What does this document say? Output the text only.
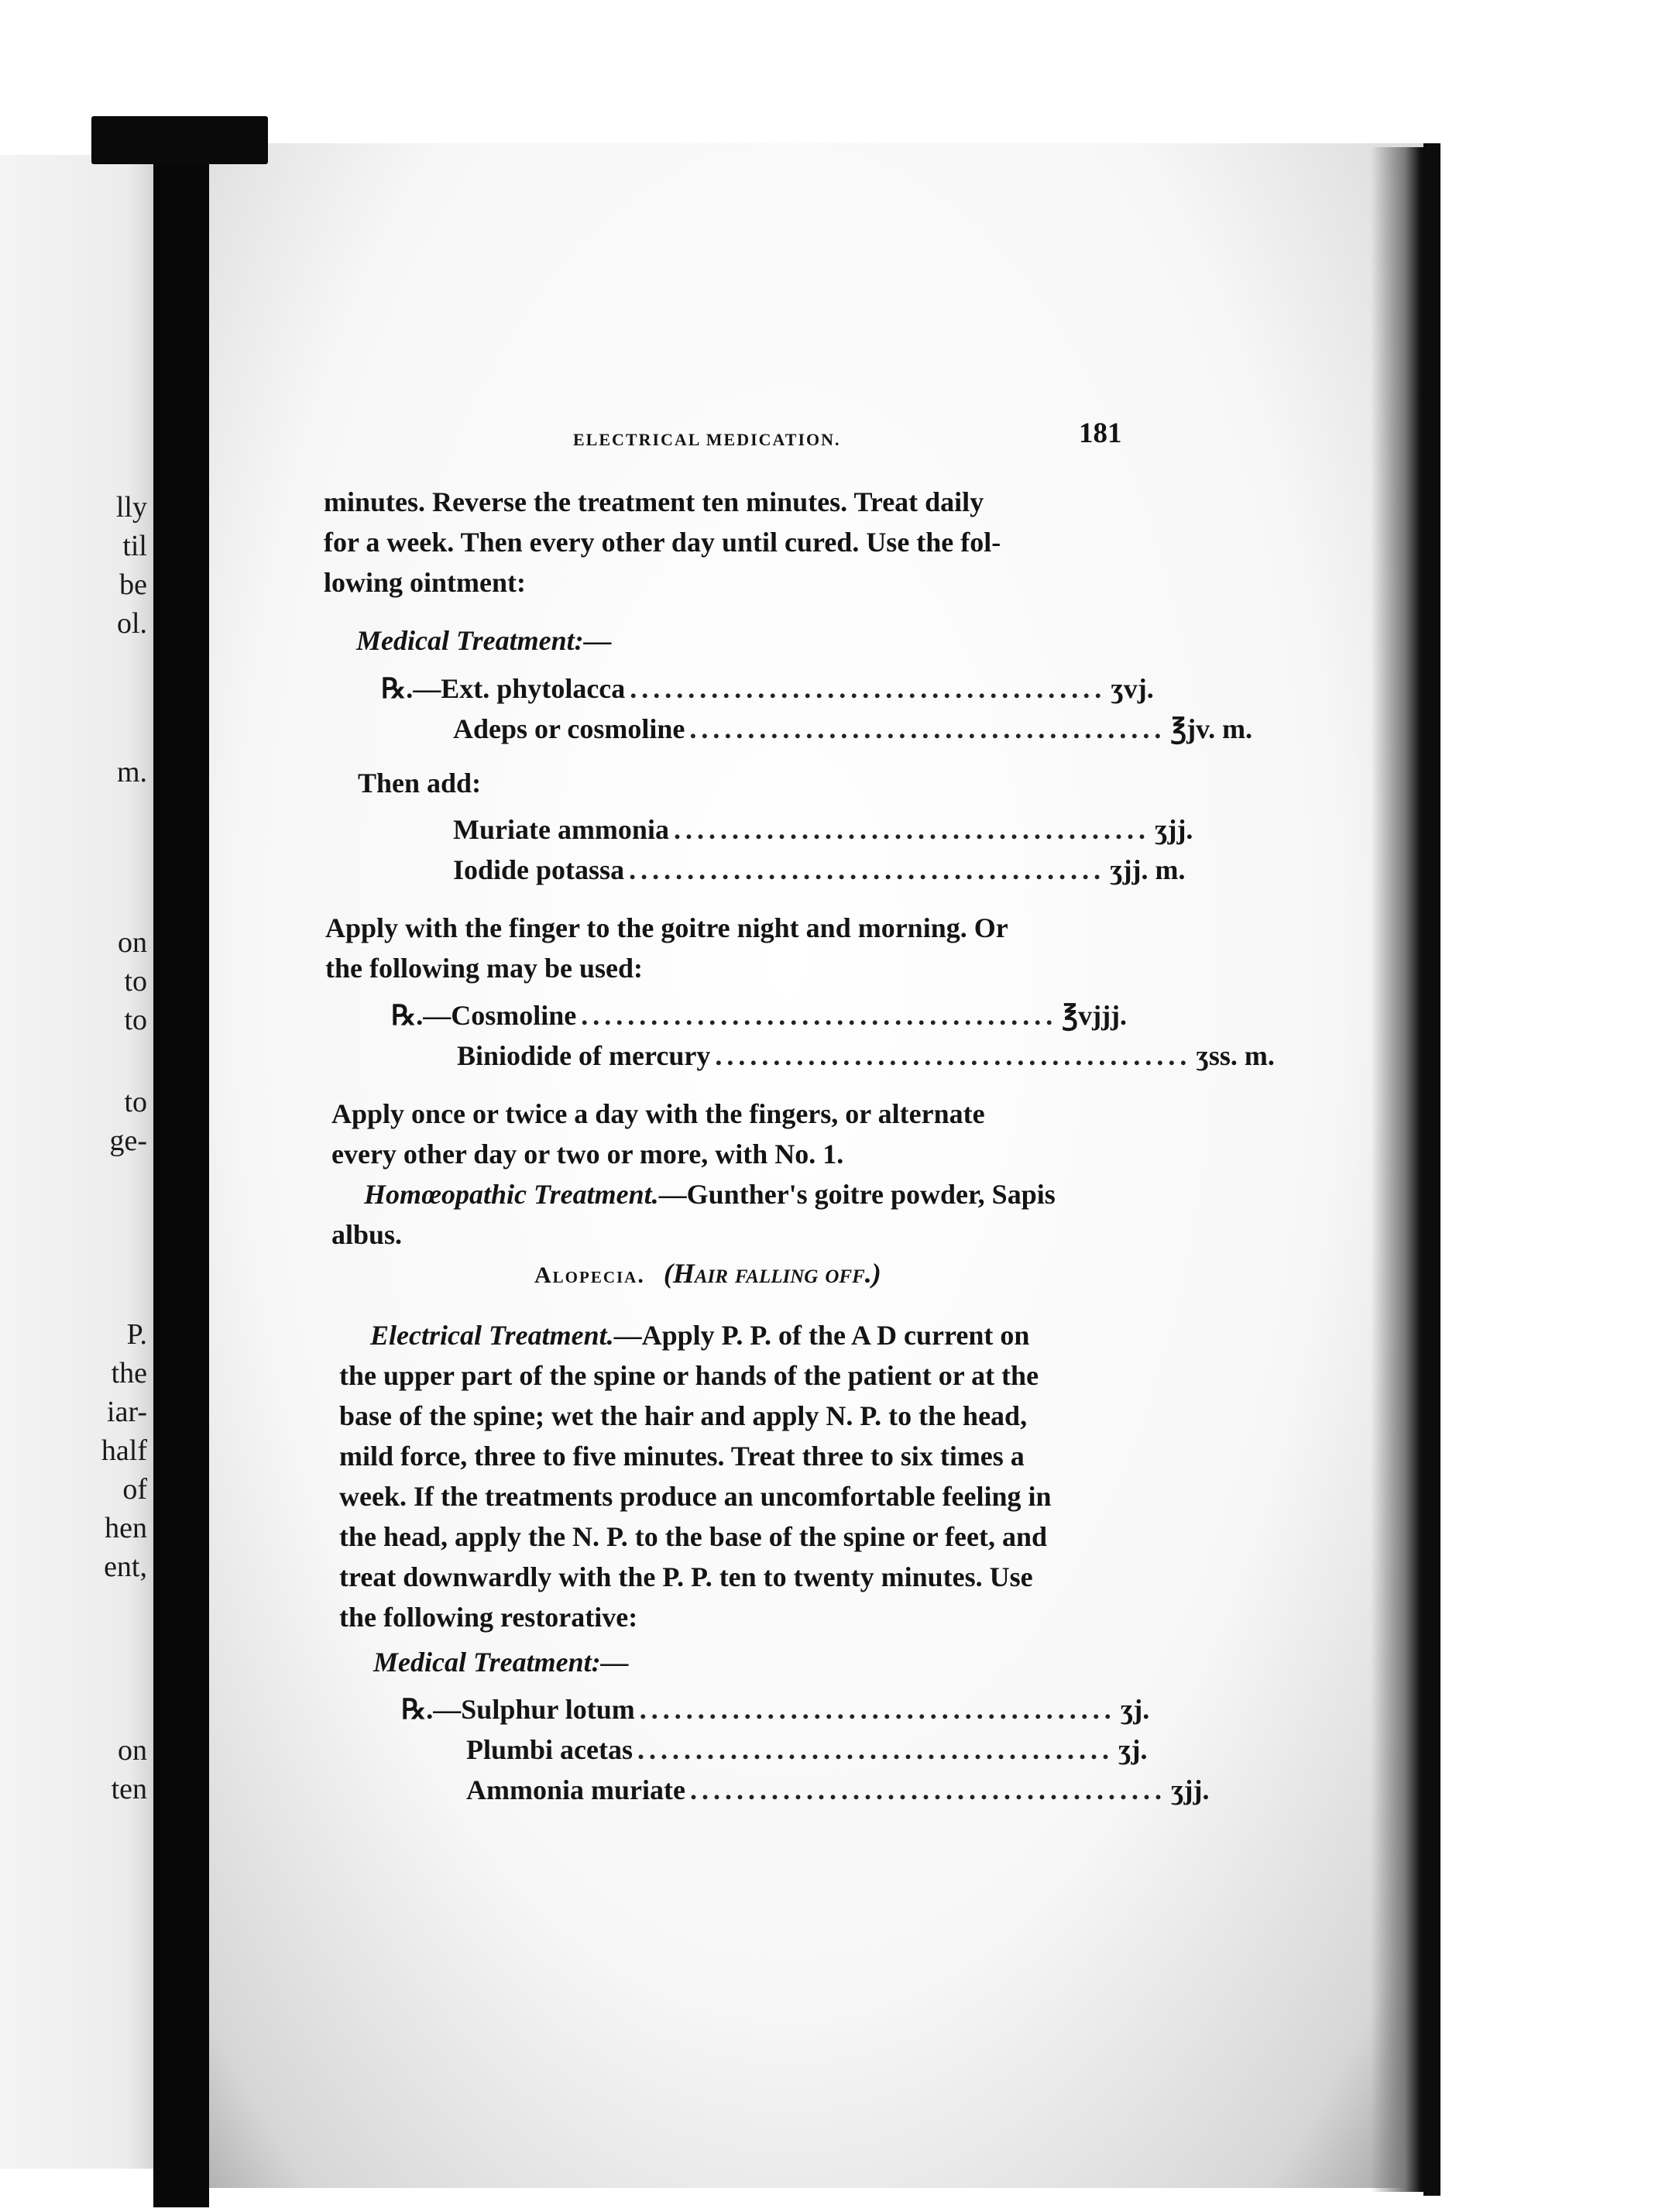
lly
til
be
ol.
m.
on
to
to
to
ge-
P.
the
iar-
half
of
hen
ent,
on
ten
ELECTRICAL MEDICATION.	181
minutes. Reverse the treatment ten minutes. Treat daily
for a week. Then every other day until cured. Use the fol-
lowing ointment:
Medical Treatment:—
℞.— Ext. phytolacca ......................................... ʒvj.
Adeps or cosmoline ......................................... ℥jv. m.
Then add:
Muriate ammonia ......................................... ʒjj.
Iodide potassa ......................................... ʒjj. m.
Apply with the finger to the goitre night and morning. Or
the following may be used:
℞.— Cosmoline ......................................... ℥vjjj.
Biniodide of mercury ......................................... ʒss. m.
Apply once or twice a day with the fingers, or alternate
every other day or two or more, with No. 1.
Homœopathic Treatment.—Gunther's goitre powder, Sapis
albus.
Alopecia. (Hair falling off.)
Electrical Treatment.—Apply P. P. of the A D current on
the upper part of the spine or hands of the patient or at the
base of the spine; wet the hair and apply N. P. to the head,
mild force, three to five minutes. Treat three to six times a
week. If the treatments produce an uncomfortable feeling in
the head, apply the N. P. to the base of the spine or feet, and
treat downwardly with the P. P. ten to twenty minutes. Use
the following restorative:
Medical Treatment:—
℞.— Sulphur lotum ......................................... ʒj.
Plumbi acetas ......................................... ʒj.
Ammonia muriate ......................................... ʒjj.
